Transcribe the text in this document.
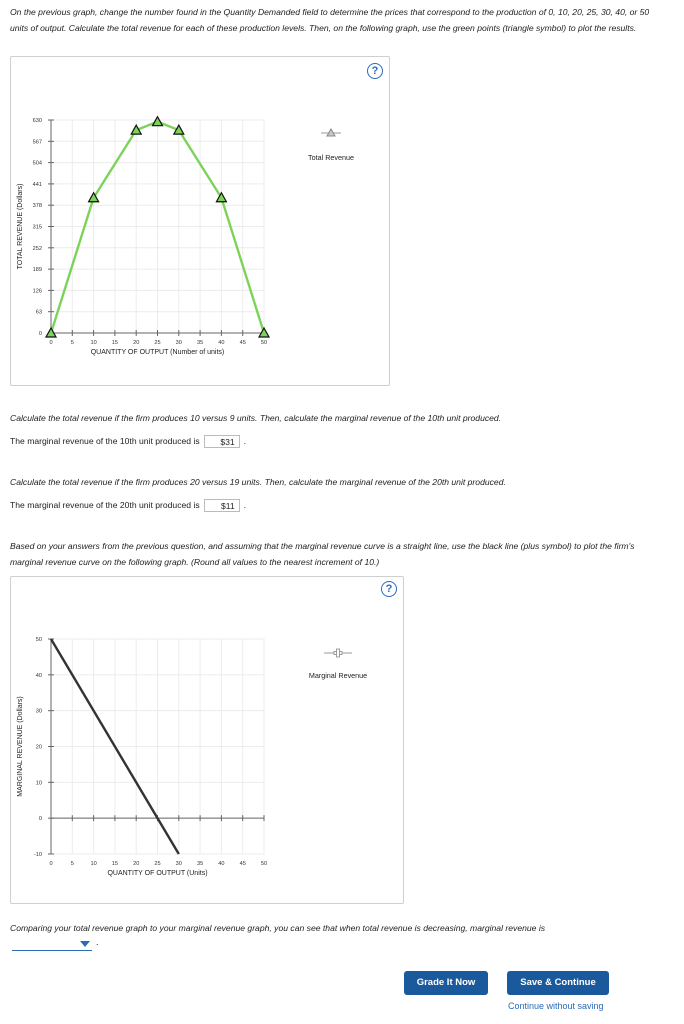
On the previous graph, change the number found in the Quantity Demanded field to determine the prices that correspond to the production of 0, 10, 20, 25, 30, 40, or 50 units of output. Calculate the total revenue for each of these production levels. Then, on the following graph, use the green points (triangle symbol) to plot the results.
?
0
63
126
189
252
315
378
441
504
567
630
0	5	10	15	20	25	30	35	40	45	50
QUANTITY OF OUTPUT (Number of units)
TOTAL REVENUE (Dollars)
Total Revenue
Calculate the total revenue if the firm produces 10 versus 9 units. Then, calculate the marginal revenue of the 10th unit produced.
The marginal revenue of the 10th unit produced is	$31	.
Calculate the total revenue if the firm produces 20 versus 19 units. Then, calculate the marginal revenue of the 20th unit produced.
The marginal revenue of the 20th unit produced is	$11	.
Based on your answers from the previous question, and assuming that the marginal revenue curve is a straight line, use the black line (plus symbol) to plot the firm's marginal revenue curve on the following graph. (Round all values to the nearest increment of 10.)
?
-10
0
10
20
30
40
50
0	5	10	15	20	25	30	35	40	45	50
QUANTITY OF OUTPUT (Units)
MARGINAL REVENUE (Dollars)
Marginal Revenue
Comparing your total revenue graph to your marginal revenue graph, you can see that when total revenue is decreasing, marginal revenue is
.
Grade It Now	Save & Continue
Continue without saving
